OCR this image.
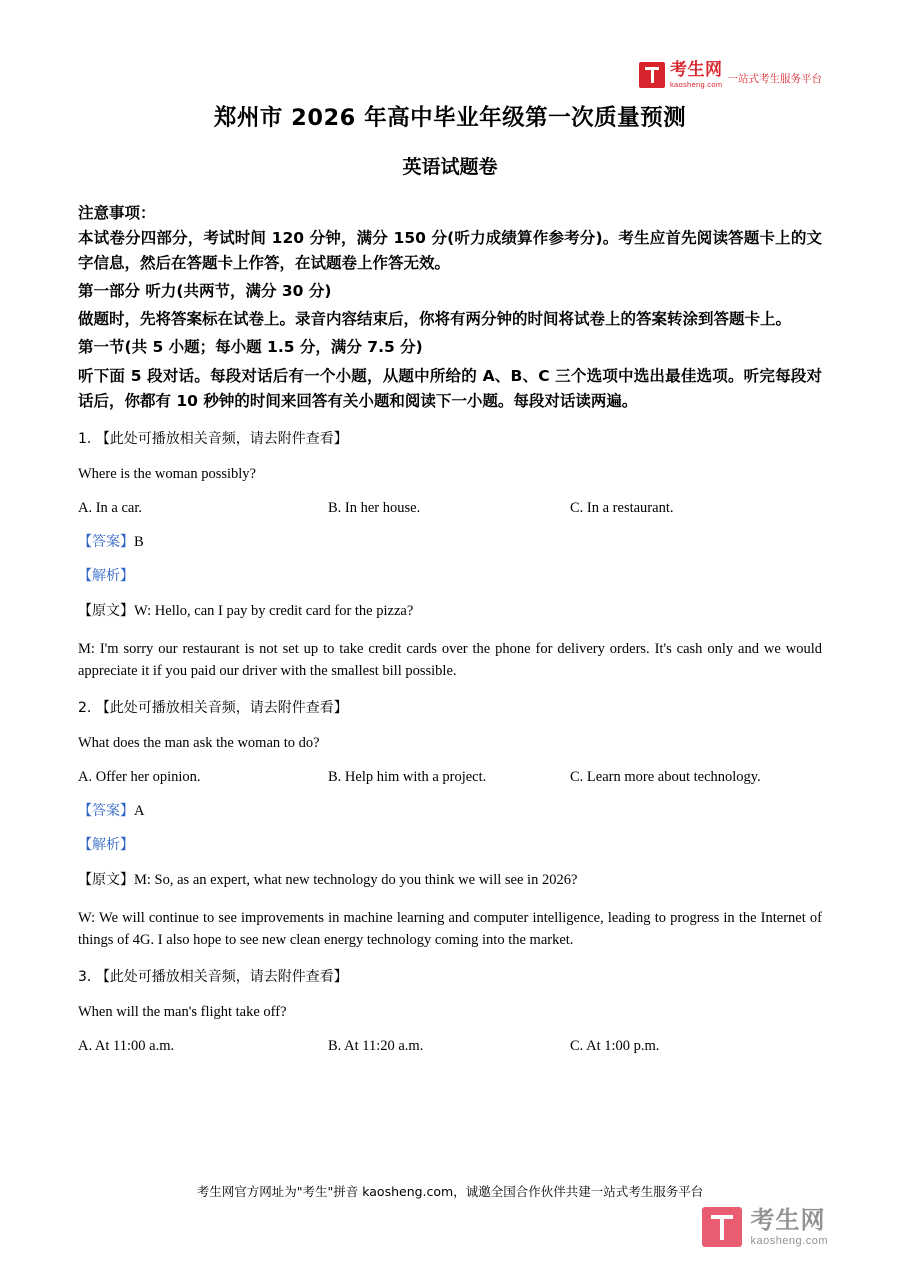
考生网
kaosheng.com 一站式考生服务平台
郑州市 2026 年高中毕业年级第一次质量预测
英语试题卷

注意事项：

本试卷分四部分，考试时间 120 分钟，满分 150 分(听力成绩算作参考分)。考生应首先阅读答题卡上的文字信息，然后在答题卡上作答，在试题卷上作答无效。

第一部分 听力(共两节，满分 30 分)

做题时，先将答案标在试卷上。录音内容结束后，你将有两分钟的时间将试卷上的答案转涂到答题卡上。

第一节(共 5 小题；每小题 1.5 分，满分 7.5 分)

听下面 5 段对话。每段对话后有一个小题，从题中所给的 A、B、C 三个选项中选出最佳选项。听完每段对话后，你都有 10 秒钟的时间来回答有关小题和阅读下一小题。每段对话读两遍。

1. 【此处可播放相关音频，请去附件查看】

Where is the woman possibly?

A. In a car.	B. In her house.	C. In a restaurant.

【答案】B

【解析】

【原文】W: Hello, can I pay by credit card for the pizza?

M: I'm sorry our restaurant is not set up to take credit cards over the phone for delivery orders. It's cash only and we would appreciate it if you paid our driver with the smallest bill possible.

2. 【此处可播放相关音频，请去附件查看】

What does the man ask the woman to do?

A. Offer her opinion.	B. Help him with a project.	C. Learn more about technology.

【答案】A

【解析】

【原文】M: So, as an expert, what new technology do you think we will see in 2026?

W: We will continue to see improvements in machine learning and computer intelligence, leading to progress in the Internet of things of 4G. I also hope to see new clean energy technology coming into the market.

3. 【此处可播放相关音频，请去附件查看】

When will the man's flight take off?

A. At 11:00 a.m.	B. At 11:20 a.m.	C. At 1:00 p.m.
考生网官方网址为"考生"拼音 kaosheng.com，诚邀全国合作伙伴共建一站式考生服务平台
考生网
kaosheng.com
